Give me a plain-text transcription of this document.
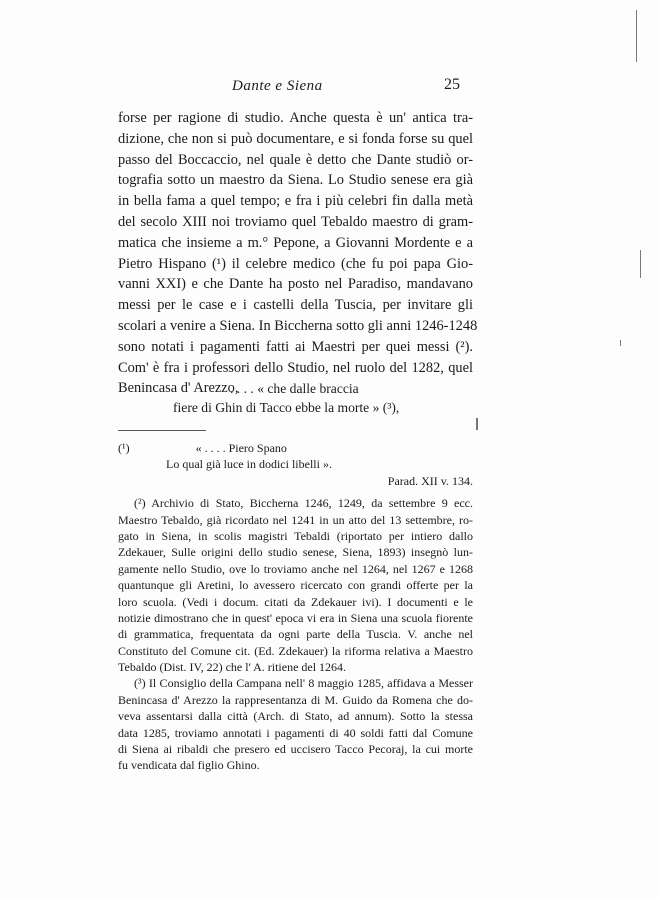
Dante e Siena	25
forse per ragione di studio. Anche questa è un' antica tra-
dizione, che non si può documentare, e si fonda forse su quel
passo del Boccaccio, nel quale è detto che Dante studiò or-
tografia sotto un maestro da Siena. Lo Studio senese era già
in bella fama a quel tempo; e fra i più celebri fin dalla metà
del secolo XIII noi troviamo quel Tebaldo maestro di gram-
matica che insieme a m.° Pepone, a Giovanni Mordente e a
Pietro Hispano (¹) il celebre medico (che fu poi papa Gio-
vanni XXI) e che Dante ha posto nel Paradiso, mandavano
messi per le case e i castelli della Tuscia, per invitare gli
scolari a venire a Siena. In Biccherna sotto gli anni 1246-1248
sono notati i pagamenti fatti ai Maestri per quei messi (²).
Com' è fra i professori dello Studio, nel ruolo del 1282, quel
Benincasa d' Arezzo,
. . . . « che dalle braccia
fiere di Ghin di Tacco ebbe la morte » (³),
(¹)                      « . . . . Piero Spano
Lo qual già luce in dodici libelli ».
Parad. XII v. 134.
(²) Archivio di Stato, Biccherna 1246, 1249, da settembre 9 ecc.
Maestro Tebaldo, già ricordato nel 1241 in un atto del 13 settembre, ro-
gato in Siena, in scolis magistri Tebaldi (riportato per intiero dallo
Zdekauer, Sulle origini dello studio senese, Siena, 1893) insegnò lun-
gamente nello Studio, ove lo troviamo anche nel 1264, nel 1267 e 1268
quantunque gli Aretini, lo avessero ricercato con grandi offerte per la
loro scuola. (Vedi i docum. citati da Zdekauer ivi). I documenti e le
notizie dimostrano che in quest' epoca vi era in Siena una scuola fiorente
di grammatica, frequentata da ogni parte della Tuscia. V. anche nel
Constituto del Comune cit. (Ed. Zdekauer) la riforma relativa a Maestro
Tebaldo (Dist. IV, 22) che l' A. ritiene del 1264.
(³) Il Consiglio della Campana nell' 8 maggio 1285, affidava a Messer
Benincasa d' Arezzo la rappresentanza di M. Guido da Romena che do-
veva assentarsi dalla città (Arch. di Stato, ad annum). Sotto la stessa
data 1285, troviamo annotati i pagamenti di 40 soldi fatti dal Comune
di Siena ai ribaldi che presero ed uccisero Tacco Pecoraj, la cui morte
fu vendicata dal figlio Ghino.
